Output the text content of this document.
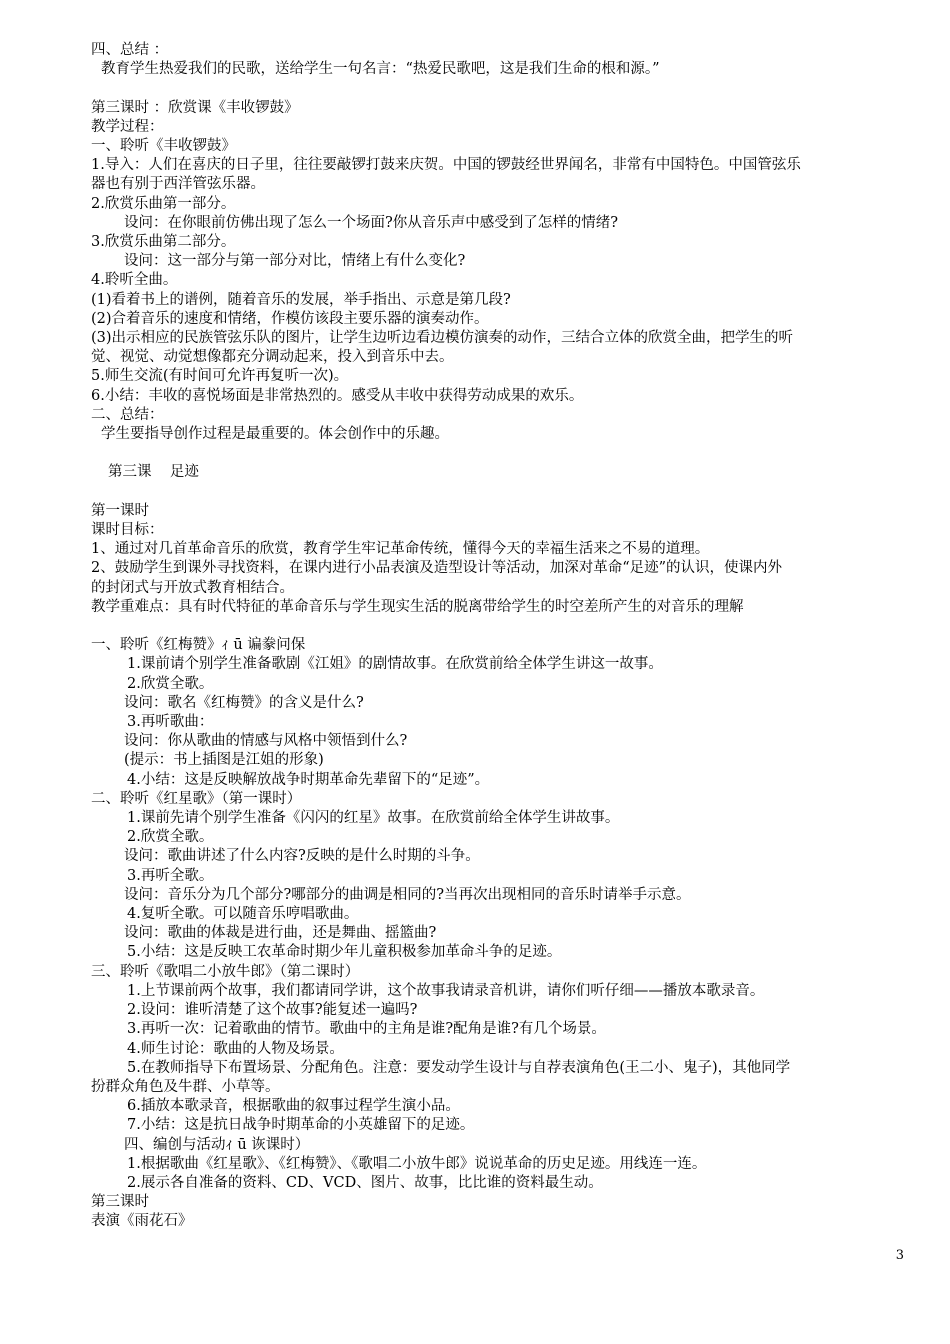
四、总结 ：

教育学生热爱我们的民歌，送给学生一句名言：“热爱民歌吧，这是我们生命的根和源。”

第三课时 ：欣赏课《丰收锣鼓》

教学过程：

一、聆听《丰收锣鼓》

1.导入：人们在喜庆的日子里，往往要敲锣打鼓来庆贺。中国的锣鼓经世界闻名，非常有中国特色。中国管弦乐

器也有别于西洋管弦乐器。

2.欣赏乐曲第一部分。

设问：在你眼前仿佛出现了怎么一个场面?你从音乐声中感受到了怎样的情绪?

3.欣赏乐曲第二部分。

设问：这一部分与第一部分对比，情绪上有什么变化?

4.聆听全曲。

(1)看着书上的谱例，随着音乐的发展，举手指出、示意是第几段?

(2)合着音乐的速度和情绪，作模仿该段主要乐器的演奏动作。

(3)出示相应的民族管弦乐队的图片，让学生边听边看边模仿演奏的动作，三结合立体的欣赏全曲，把学生的听

觉、视觉、动觉想像都充分调动起来，投入到音乐中去。

5.师生交流(有时间可允许再复听一次)。

6.小结：丰收的喜悦场面是非常热烈的。感受从丰收中获得劳动成果的欢乐。

二、总结：

学生要指导创作过程是最重要的。体会创作中的乐趣。

第三课    足迹

第一课时

课时目标：

1、通过对几首革命音乐的欣赏，教育学生牢记革命传统，懂得今天的幸福生活来之不易的道理。

2、鼓励学生到课外寻找资料，在课内进行小品表演及造型设计等活动，加深对革命“足迹”的认识，使课内外

的封闭式与开放式教育相结合。

教学重难点：具有时代特征的革命音乐与学生现实生活的脱离带给学生的时空差所产生的对音乐的理解

一、聆听《红梅赞》ｨ ū 谝豢问保

1.课前请个别学生准备歌剧《江姐》的剧情故事。在欣赏前给全体学生讲这一故事。

2.欣赏全歌。

设问：歌名《红梅赞》的含义是什么?

3.再听歌曲：

设问：你从歌曲的情感与风格中领悟到什么?

(提示：书上插图是江姐的形象)

4.小结：这是反映解放战争时期革命先辈留下的“足迹”。

二、聆听《红星歌》（第一课时）

1.课前先请个别学生准备《闪闪的红星》故事。在欣赏前给全体学生讲故事。

2.欣赏全歌。

设问：歌曲讲述了什么内容?反映的是什么时期的斗争。

3.再听全歌。

设问：音乐分为几个部分?哪部分的曲调是相同的?当再次出现相同的音乐时请举手示意。

4.复听全歌。可以随音乐哼唱歌曲。

设问：歌曲的体裁是进行曲，还是舞曲、摇篮曲?

5.小结：这是反映工农革命时期少年儿童积极参加革命斗争的足迹。

三、聆听《歌唱二小放牛郎》（第二课时）

1.上节课前两个故事，我们都请同学讲，这个故事我请录音机讲，请你们听仔细——播放本歌录音。

2.设问：谁听清楚了这个故事?能复述一遍吗?

3.再听一次：记着歌曲的情节。歌曲中的主角是谁?配角是谁?有几个场景。

4.师生讨论：歌曲的人物及场景。

5.在教师指导下布置场景、分配角色。注意：要发动学生设计与自荐表演角色(王二小、鬼子)，其他同学

扮群众角色及牛群、小草等。

6.插放本歌录音，根据歌曲的叙事过程学生演小品。

7.小结：这是抗日战争时期革命的小英雄留下的足迹。

四、编创与活动ｨ ū 诙课时）

1.根据歌曲《红星歌》、《红梅赞》、《歌唱二小放牛郎》说说革命的历史足迹。用线连一连。

2.展示各自准备的资料、CD、VCD、图片、故事，比比谁的资料最生动。

第三课时

表演《雨花石》

3
